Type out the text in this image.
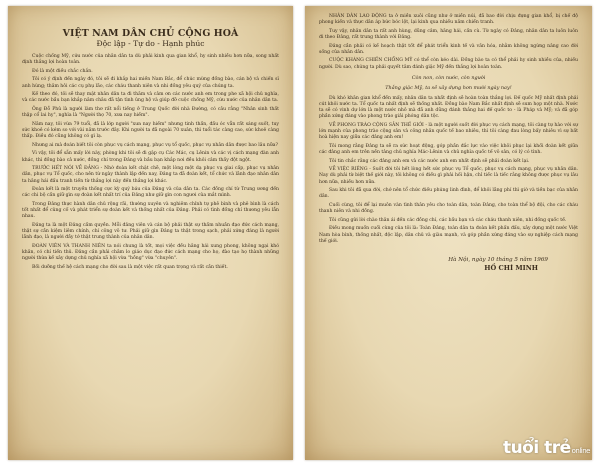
VIỆT NAM DÂN CHỦ CỘNG HOÀ
Độc lập - Tự do - Hạnh phúc
Cuộc chống Mỹ, cứu nước của nhân dân ta dù phải kinh qua gian khổ, hy sinh nhiều hơn nữa, song nhất định thắng lợi hoàn toàn.
Đó là một điều chắc chắn.
Tôi có ý định đến ngày đó, tôi sẽ đi khắp hai miền Nam Bắc, để chúc mừng đồng bào, cán bộ và chiến sĩ anh hùng; thăm hỏi các cụ phụ lão, các cháu thanh niên và nhi đồng yêu quý của chúng ta.
Kế theo đó, tôi sẽ thay mặt nhân dân ta đi thăm và cảm ơn các nước anh em trong phe xã hội chủ nghĩa, và các nước bầu bạn khắp năm châu đã tận tình ủng hộ và giúp đỡ cuộc chống Mỹ, cứu nước của nhân dân ta.
Ông Đỗ Phủ là người làm thơ rất nổi tiếng ở Trung Quốc đời nhà Đường, có câu rằng "Nhân sinh thất thập cổ lai hy", nghĩa là "Người thọ 70, xưa nay hiếm".
Năm nay, tôi vừa 79 tuổi, đã là lớp người "xưa nay hiếm" nhưng tinh thần, đầu óc vẫn rất sáng suốt, tuy sức khoẻ có kém so với vài năm trước đây. Khi người ta đã ngoài 70 xuân, thì tuổi tác càng cao, sức khoẻ càng thấp. Điều đó cũng không có gì lạ.
Nhưng ai mà đoán biết tôi còn phục vụ cách mạng, phục vụ tổ quốc, phục vụ nhân dân được bao lâu nữa?
Vì vậy, tôi để sẵn mấy lời này, phòng khi tôi sẽ đi gặp cụ Các Mác, cụ Lênin và các vị cách mạng đàn anh khác, thì đồng bào cả nước, đồng chí trong Đảng và bầu bạn khắp nơi đều khỏi cảm thấy đột ngột.
TRƯỚC HẾT NÓI VỀ ĐẢNG - Nhờ đoàn kết chặt chẽ, một lòng một dạ phục vụ giai cấp, phục vụ nhân dân, phục vụ Tổ quốc, cho nên từ ngày thành lập đến nay, Đảng ta đã đoàn kết, tổ chức và lãnh đạo nhân dân ta hăng hái đấu tranh tiến từ thắng lợi này đến thắng lợi khác.
Đoàn kết là một truyền thống cực kỳ quý báu của Đảng và của dân ta. Các đồng chí từ Trung ương đến các chi bộ cần giữ gìn sự đoàn kết nhất trí của Đảng như giữ gìn con ngươi của mắt mình.
Trong Đảng thực hành dân chủ rộng rãi, thường xuyên và nghiêm chỉnh tự phê bình và phê bình là cách tốt nhất để củng cố và phát triển sự đoàn kết và thống nhất của Đảng. Phải có tình đồng chí thương yêu lẫn nhau.
Đảng ta là một Đảng cầm quyền. Mỗi đảng viên và cán bộ phải thật sự thấm nhuần đạo đức cách mạng, thật sự cần kiệm liêm chính, chí công vô tư. Phải giữ gìn Đảng ta thật trong sạch, phải xứng đáng là người lãnh đạo, là người đầy tớ thật trung thành của nhân dân.
ĐOÀN VIÊN VÀ THANH NIÊN ta nói chung là tốt, mọi việc đều hăng hái xung phong, không ngại khó khăn, có chí tiến thủ. Đảng cần phải chăm lo giáo dục đạo đức cách mạng cho họ, đào tạo họ thành những người thừa kế xây dựng chủ nghĩa xã hội vừa "hồng" vừa "chuyên".
Bồi dưỡng thế hệ cách mạng cho đời sau là một việc rất quan trọng và rất cần thiết.
NHÂN DÂN LAO ĐỘNG ta ở miền xuôi cũng như ở miền núi, đã bao đời chịu đựng gian khổ, bị chế độ phong kiến và thực dân áp bức bóc lột, lại kinh qua nhiều năm chiến tranh.
Tuy vậy, nhân dân ta rất anh hùng, dũng cảm, hăng hái, cần cù. Từ ngày có Đảng, nhân dân ta luôn luôn đi theo Đảng, rất trung thành với Đảng.
Đảng cần phải có kế hoạch thật tốt để phát triển kinh tế và văn hóa, nhằm không ngừng nâng cao đời sống của nhân dân.
CUỘC KHÁNG CHIẾN CHỐNG MỸ có thể còn kéo dài. Đồng bào ta có thể phải hy sinh nhiều của, nhiều người. Dù sao, chúng ta phải quyết tâm đánh giặc Mỹ đến thắng lợi hoàn toàn.
Còn non, còn nước, còn người
Thắng giặc Mỹ, ta sẽ xây dựng hơn mười ngày nay!
Dù khó khăn gian khổ đến mấy, nhân dân ta nhất định sẽ hoàn toàn thắng lợi. Đế quốc Mỹ nhất định phải cút khỏi nước ta. Tổ quốc ta nhất định sẽ thống nhất. Đồng bào Nam Bắc nhất định sẽ sum họp một nhà. Nước ta sẽ có vinh dự lớn là một nước nhỏ mà đã anh dũng đánh thắng hai đế quốc to - là Pháp và Mỹ; và đã góp phần xứng đáng vào phong trào giải phóng dân tộc.
VỀ PHONG TRÀO CỘNG SẢN THẾ GIỚI - là một người suốt đời phục vụ cách mạng, tôi càng tự hào với sự lớn mạnh của phong trào cộng sản và công nhân quốc tế bao nhiêu, thì tôi càng đau lòng bấy nhiêu vì sự bất hoà hiện nay giữa các đảng anh em!
Tôi mong rằng Đảng ta sẽ ra sức hoạt động, góp phần đắc lực vào việc khôi phục lại khối đoàn kết giữa các đảng anh em trên nền tảng chủ nghĩa Mác-Lênin và chủ nghĩa quốc tế vô sản, có lý có tình.
Tôi tin chắc rằng các đảng anh em và các nước anh em nhất định sẽ phải đoàn kết lại.
VỀ VIỆC RIÊNG - Suốt đời tôi hết lòng hết sức phục vụ Tổ quốc, phục vụ cách mạng, phục vụ nhân dân. Nay dù phải từ biệt thế giới này, tôi không có điều gì phải hối hận, chỉ tiếc là tiếc rằng không được phục vụ lâu hơn nữa, nhiều hơn nữa.
Sau khi tôi đã qua đời, chớ nên tổ chức điếu phúng linh đình, để khỏi lãng phí thì giờ và tiền bạc của nhân dân.
Cuối cùng, tôi để lại muôn vàn tình thân yêu cho toàn dân, toàn Đảng, cho toàn thể bộ đội, cho các cháu thanh niên và nhi đồng.
Tôi cũng gửi lời chào thân ái đến các đồng chí, các bầu bạn và các cháu thanh niên, nhi đồng quốc tế.
Điều mong muốn cuối cùng của tôi là: Toàn Đảng, toàn dân ta đoàn kết phấn đấu, xây dựng một nước Việt Nam hòa bình, thống nhất, độc lập, dân chủ và giàu mạnh, và góp phần xứng đáng vào sự nghiệp cách mạng thế giới.
Hà Nội, ngày 10 tháng 5 năm 1969
HỒ CHÍ MINH
tuổi trẻonline
